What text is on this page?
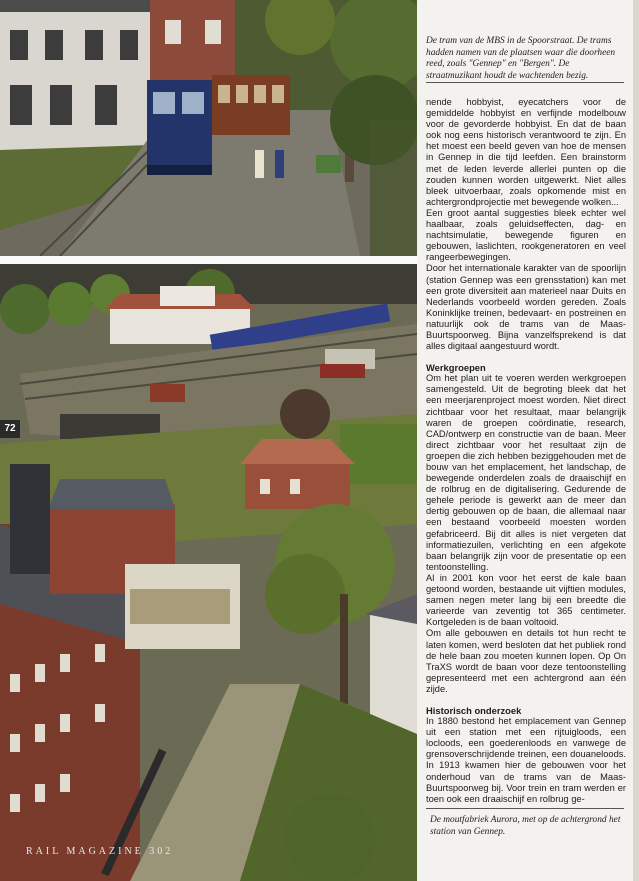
72
RAIL MAGAZINE 302
De tram van de MBS in de Spoorstraat. De trams hadden namen van de plaatsen waar die doorheen reed, zoals "Gennep" en "Bergen". De straatmuzikant houdt de wachtenden bezig.

nende hobbyist, eyecatchers voor de gemiddelde hobbyist en verfijnde modelbouw voor de gevorderde hobbyist. En dat de baan ook nog eens historisch verantwoord te zijn. En het moest een beeld geven van hoe de mensen in Gennep in die tijd leefden. Een brainstorm met de leden leverde allerlei punten op die zouden kunnen worden uitgewerkt. Niet alles bleek uitvoerbaar, zoals opkomende mist en achtergrondprojectie met bewegende wolken...

Een groot aantal suggesties bleek echter wel haalbaar, zoals geluidseffecten, dag- en nachtsimulatie, bewegende figuren en gebouwen, laslichten, rookgeneratoren en veel rangeerbewegingen.

Door het internationale karakter van de spoorlijn (station Gennep was een grensstation) kan met een grote diversiteit aan materieel naar Duits en Nederlands voorbeeld worden gereden. Zoals Koninklijke treinen, bedevaart- en postreinen en natuurlijk ook de trams van de Maas-Buurtspoorweg. Bijna vanzelfsprekend is dat alles digitaal aangestuurd wordt.

Werkgroepen

Om het plan uit te voeren werden werkgroepen samengesteld. Uit de begroting bleek dat het een meerjarenproject moest worden. Niet direct zichtbaar voor het resultaat, maar belangrijk waren de groepen coördinatie, research, CAD/ontwerp en constructie van de baan. Meer direct zichtbaar voor het resultaat zijn de groepen die zich hebben beziggehouden met de bouw van het emplacement, het landschap, de bewegende onderdelen zoals de draaischijf en de rolbrug en de digitalisering. Gedurende de gehele periode is gewerkt aan de meer dan dertig gebouwen op de baan, die allemaal naar een bestaand voorbeeld moesten worden gefabriceerd. Bij dit alles is niet vergeten dat informatiezuilen, verlichting en een afgekote baan belangrijk zijn voor de presentatie op een tentoonstelling.

Al in 2001 kon voor het eerst de kale baan getoond worden, bestaande uit vijftien modules, samen negen meter lang bij een breedte die varieerde van zeventig tot 365 centimeter. Kortgeleden is de baan voltooid.

Om alle gebouwen en details tot hun recht te laten komen, werd besloten dat het publiek rond de hele baan zou moeten kunnen lopen. Op On TraXS wordt de baan voor deze tentoonstelling gepresenteerd met een achtergrond aan één zijde.

Historisch onderzoek

In 1880 bestond het emplacement van Gennep uit een station met een rijtuigloods, een locloods, een goederenloods en vanwege de grensoverschrijdende treinen, een douaneloods. In 1913 kwamen hier de gebouwen voor het onderhoud van de trams van de Maas-Buurtspoorweg bij. Voor trein en tram werden er toen ook een draaischijf en rolbrug ge-

De moutfabriek Aurora, met op de achtergrond het station van Gennep.
